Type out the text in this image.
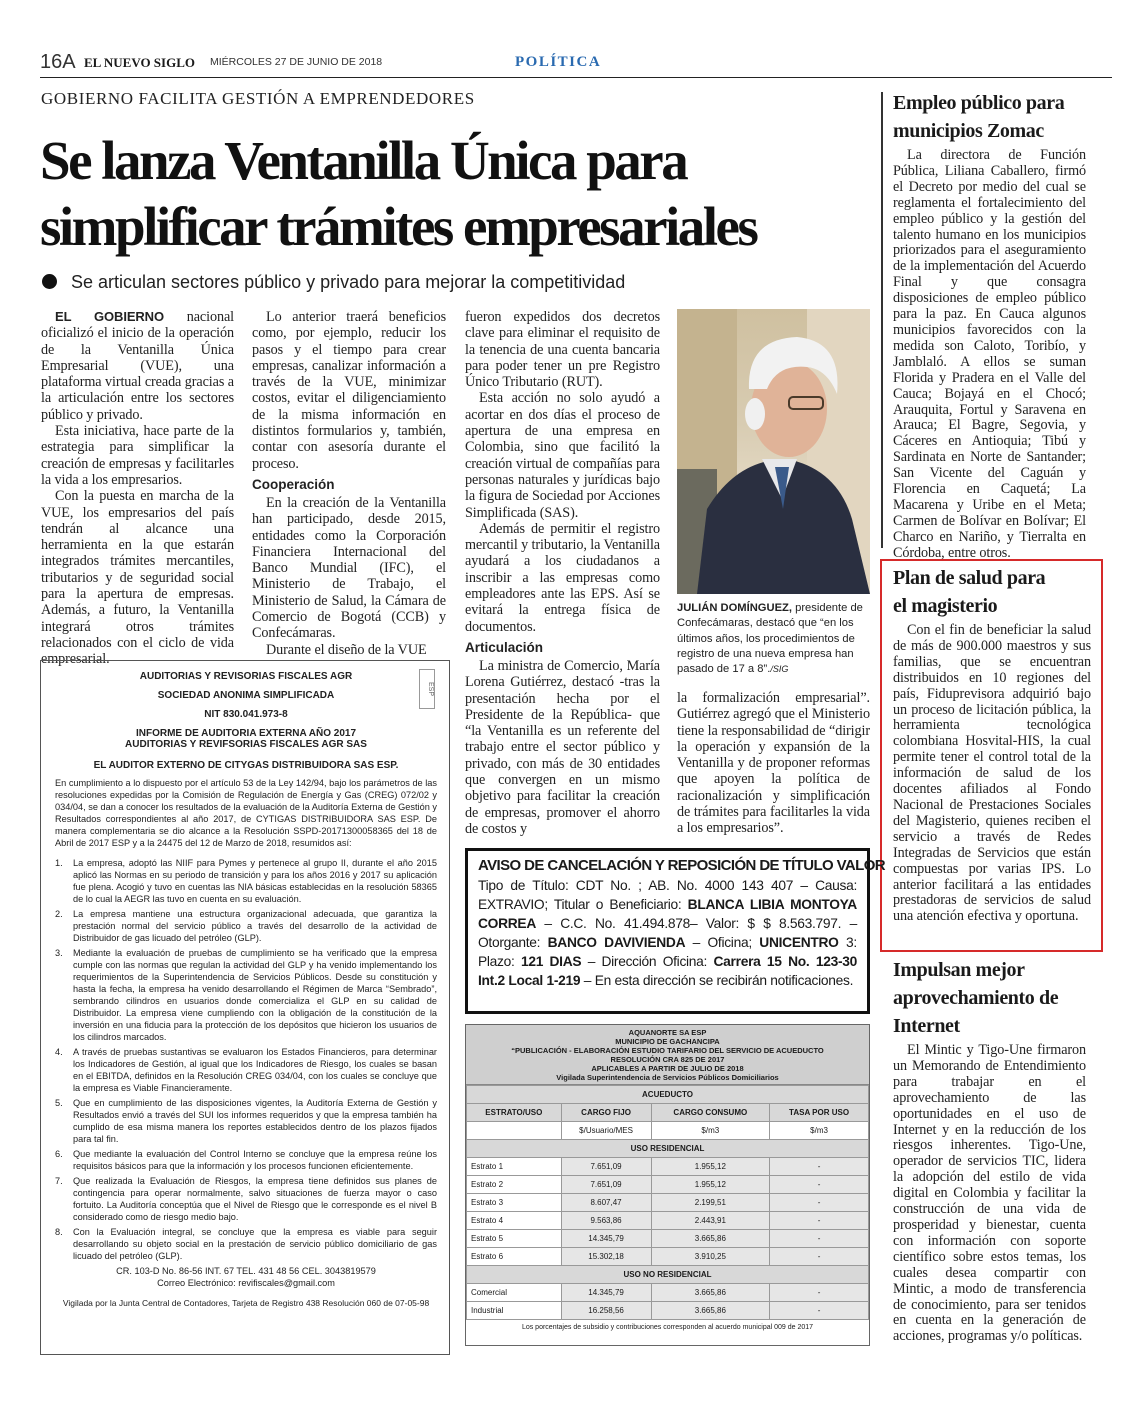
16A EL NUEVO SIGLO MIÉRCOLES 27 DE JUNIO DE 2018	POLÍTICA
GOBIERNO FACILITA GESTIÓN A EMPRENDEDORES
Se lanza Ventanilla Única para simplificar trámites empresariales
Se articulan sectores público y privado para mejorar la competitividad

EL GOBIERNO nacional oficializó el inicio de la operación de la Ventanilla Única Empresarial (VUE), una plataforma virtual creada gracias a la articulación entre los sectores público y privado.

Esta iniciativa, hace parte de la estrategia para simplificar la creación de empresas y facilitarles la vida a los empresarios.

Con la puesta en marcha de la VUE, los empresarios del país tendrán al alcance una herramienta en la que estarán integrados trámites mercantiles, tributarios y de seguridad social para la apertura de empresas. Además, a futuro, la Ventanilla integrará otros trámites relacionados con el ciclo de vida empresarial.

Lo anterior traerá beneficios como, por ejemplo, reducir los pasos y el tiempo para crear empresas, canalizar información a través de la VUE, minimizar costos, evitar el diligenciamiento de la misma información en distintos formularios y, también, contar con asesoría durante el proceso.

Cooperación

En la creación de la Ventanilla han participado, desde 2015, entidades como la Corporación Financiera Internacional del Banco Mundial (IFC), el Ministerio de Trabajo, el Ministerio de Salud, la Cámara de Comercio de Bogotá (CCB) y Confecámaras.

Durante el diseño de la VUE

fueron expedidos dos decretos clave para eliminar el requisito de la tenencia de una cuenta bancaria para poder tener un pre Registro Único Tributario (RUT).

Esta acción no solo ayudó a acortar en dos días el proceso de apertura de una empresa en Colombia, sino que facilitó la creación virtual de compañías para personas naturales y jurídicas bajo la figura de Sociedad por Acciones Simplificada (SAS).

Además de permitir el registro mercantil y tributario, la Ventanilla ayudará a los ciudadanos a inscribir a las empresas como empleadores ante las EPS. Así se evitará la entrega física de documentos.

Articulación

La ministra de Comercio, María Lorena Gutiérrez, destacó -tras la presentación hecha por el Presidente de la República- que “la Ventanilla es un referente del trabajo entre el sector público y privado, con más de 30 entidades que convergen en un mismo objetivo para facilitar la creación de empresas, promover el ahorro de costos y

JULIÁN DOMÍNGUEZ, presidente de Confecámaras, destacó que “en los últimos años, los procedimientos de registro de una nueva empresa han pasado de 17 a 8”./SIG

la formalización empresarial”. Gutiérrez agregó que el Ministerio tiene la responsabilidad de “dirigir la operación y expansión de la Ventanilla y de proponer reformas que apoyen la política de racionalización y simplificación de trámites para facilitarles la vida a los empresarios”.

Empleo público para municipios Zomac

La directora de Función Pública, Liliana Caballero, firmó el Decreto por medio del cual se reglamenta el fortalecimiento del empleo público y la gestión del talento humano en los municipios priorizados para el aseguramiento de la implementación del Acuerdo Final y que consagra disposiciones de empleo público para la paz. En Cauca algunos municipios favorecidos con la medida son Caloto, Toribío, y Jamblaló. A ellos se suman Florida y Pradera en el Valle del Cauca; Bojayá en el Chocó; Arauquita, Fortul y Saravena en Arauca; El Bagre, Segovia, y Cáceres en Antioquia; Tibú y Sardinata en Norte de Santander; San Vicente del Caguán y Florencia en Caquetá; La Macarena y Uribe en el Meta; Carmen de Bolívar en Bolívar; El Charco en Nariño, y Tierralta en Córdoba, entre otros.

Plan de salud para el magisterio

Con el fin de beneficiar la salud de más de 900.000 maestros y sus familias, que se encuentran distribuidos en 10 regiones del país, Fiduprevisora adquirió bajo un proceso de licitación pública, la herramienta tecnológica colombiana Hosvital-HIS, la cual permite tener el control total de la información de salud de los docentes afiliados al Fondo Nacional de Prestaciones Sociales del Magisterio, quienes reciben el servicio a través de Redes Integradas de Servicios que están compuestas por varias IPS. Lo anterior facilitará a las entidades prestadoras de servicios de salud una atención efectiva y oportuna.

Impulsan mejor aprovechamiento de Internet

El Mintic y Tigo-Une firmaron un Memorando de Entendimiento para trabajar en el aprovechamiento de las oportunidades en el uso de Internet y en la reducción de los riesgos inherentes. Tigo-Une, operador de servicios TIC, lidera la adopción del estilo de vida digital en Colombia y facilitar la construcción de una vida de prosperidad y bienestar, cuenta con información con soporte científico sobre estos temas, los cuales desea compartir con Mintic, a modo de transferencia de conocimiento, para ser tenidos en cuenta en la generación de acciones, programas y/o políticas.

ESP
AUDITORIAS Y REVISORIAS FISCALES AGR
SOCIEDAD ANONIMA SIMPLIFICADA
NIT 830.041.973-8
INFORME DE AUDITORIA EXTERNA AÑO 2017
AUDITORIAS Y REVIFSORIAS FISCALES AGR SAS
EL AUDITOR EXTERNO DE CITYGAS DISTRIBUIDORA SAS ESP.
En cumplimiento a lo dispuesto por el artículo 53 de la Ley 142/94, bajo los parámetros de las resoluciones expedidas por la Comisión de Regulación de Energía y Gas (CREG) 072/02 y 034/04, se dan a conocer los resultados de la evaluación de la Auditoría Externa de Gestión y Resultados correspondientes al año 2017, de CYTIGAS DISTRIBUIDORA SAS ESP. De manera complementaria se dio alcance a la Resolución SSPD-20171300058365 del 18 de Abril de 2017 ESP y a la 24475 del 12 de Marzo de 2018, resumidos así:
1.	La empresa, adoptó las NIIF para Pymes y pertenece al grupo II, durante el año 2015 aplicó las Normas en su periodo de transición y para los años 2016 y 2017 su aplicación fue plena. Acogió y tuvo en cuentas las NIA básicas establecidas en la resolución 58365 de lo cual la AEGR las tuvo en cuenta en su evaluación.
2.	La empresa mantiene una estructura organizacional adecuada, que garantiza la prestación normal del servicio público a través del desarrollo de la actividad de Distribuidor de gas licuado del petróleo (GLP).
3.	Mediante la evaluación de pruebas de cumplimiento se ha verificado que la empresa cumple con las normas que regulan la actividad del GLP y ha venido implementando los requerimientos de la Superintendencia de Servicios Públicos. Desde su constitución y hasta la fecha, la empresa ha venido desarrollando el Régimen de Marca “Sembrado”, sembrando cilindros en usuarios donde comercializa el GLP en su calidad de Distribuidor. La empresa viene cumpliendo con la obligación de la constitución de la inversión en una fiducia para la protección de los depósitos que hicieron los usuarios de los cilindros marcados.
4.	A través de pruebas sustantivas se evaluaron los Estados Financieros, para determinar los Indicadores de Gestión, al igual que los Indicadores de Riesgo, los cuales se basan en el EBITDA, definidos en la Resolución CREG 034/04, con los cuales se concluye que la empresa es Viable Financieramente.
5.	Que en cumplimiento de las disposiciones vigentes, la Auditoría Externa de Gestión y Resultados envió a través del SUI los informes requeridos y que la empresa también ha cumplido de esa misma manera los reportes establecidos dentro de los plazos fijados para tal fin.
6.	Que mediante la evaluación del Control Interno se concluye que la empresa reúne los requisitos básicos para que la información y los procesos funcionen eficientemente.
7.	Que realizada la Evaluación de Riesgos, la empresa tiene definidos sus planes de contingencia para operar normalmente, salvo situaciones de fuerza mayor o caso fortuito. La Auditoría conceptúa que el Nivel de Riesgo que le corresponde es el nivel B considerado como de riesgo medio bajo.
8.	Con la Evaluación integral, se concluye que la empresa es viable para seguir desarrollando su objeto social en la prestación de servicio público domiciliario de gas licuado del petróleo (GLP).
CR. 103-D No. 86-56 INT. 67 TEL. 431 48 56 CEL. 3043819579
Correo Electrónico: revifiscales@gmail.com
Vigilada por la Junta Central de Contadores, Tarjeta de Registro 438 Resolución 060 de 07-05-98
AVISO DE CANCELACIÓN Y REPOSICIÓN DE TÍTULO VALOR
Tipo de Título: CDT No. ; AB. No. 4000 143 407 – Causa: EXTRAVIO; Titular o Beneficiario: BLANCA LIBIA MONTOYA CORREA – C.C. No. 41.494.878– Valor: $ $ 8.563.797. – Otorgante: BANCO DAVIVIENDA – Oficina; UNICENTRO 3: Plazo: 121 DIAS – Dirección Oficina: Carrera 15 No. 123-30 Int.2 Local 1-219 – En esta dirección se recibirán notificaciones.
AQUANORTE SA ESP
MUNICIPIO DE GACHANCIPA
“PUBLICACIÓN - ELABORACIÓN ESTUDIO TARIFARIO DEL SERVICIO DE ACUEDUCTO
RESOLUCIÓN CRA 825 DE 2017
APLICABLES A PARTIR DE JULIO DE 2018
Vigilada Superintendencia de Servicios Públicos Domiciliarios
ACUEDUCTO			
ESTRATO/USO	CARGO FIJO	CARGO CONSUMO	TASA POR USO
	$/Usuario/MES	$/m3	$/m3
USO RESIDENCIAL			
Estrato 1	7.651,09	1.955,12	-
Estrato 2	7.651,09	1.955,12	-
Estrato 3	8.607,47	2.199,51	-
Estrato 4	9.563,86	2.443,91	-
Estrato 5	14.345,79	3.665,86	-
Estrato 6	15.302,18	3.910,25	-
USO NO RESIDENCIAL			
Comercial	14.345,79	3.665,86	-
Industrial	16.258,56	3.665,86	-
Los porcentajes de subsidio y contribuciones corresponden al acuerdo municipal 009 de 2017
